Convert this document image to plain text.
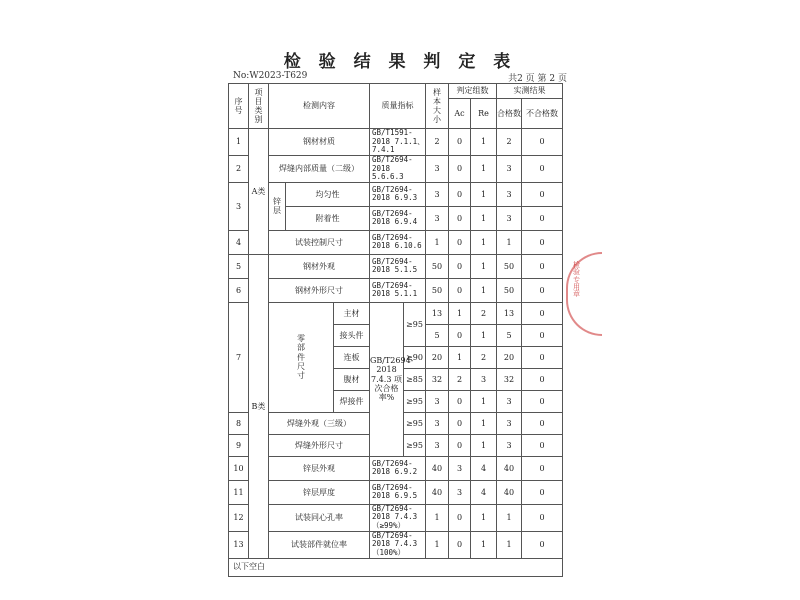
检 验 结 果 判 定 表
No:W2023-T629	共2 页 第 2 页
序号	项目类别	检测内容			质量指标		样本大小	判定组数		实测结果	
								Ac	Re	合格数	不合格数	
1	A类	钢材材质			GB/T1591-2018 7.1.1、7.4.1		2	0	1	2	0	
2		焊缝内部质量（二级）			GB/T2694-2018 5.6.6.3		3	0	1	3	0	
3		锌层	均匀性		GB/T2694-2018 6.9.3		3	0	1	3	0	
			附着性		GB/T2694-2018 6.9.4		3	0	1	3	0	
4		试装控制尺寸			GB/T2694-2018 6.10.6		1	0	1	1	0	
5	B类	钢材外观			GB/T2694-2018 5.1.5		50	0	1	50	0	
6		钢材外形尺寸			GB/T2694-2018 5.1.1		50	0	1	50	0	
7		零部件尺寸		主材	GB/T2694-2018 7.4.3 项次合格率%	≥95	13	1	2	13	0	
				接头件			5	0	1	5	0	
				连板		≥90	20	1	2	20	0	
				腹材		≥85	32	2	3	32	0	
				焊接件		≥95	3	0	1	3	0	
8		焊缝外观（三级）				≥95	3	0	1	3	0	
9		焊缝外形尺寸				≥95	3	0	1	3	0	
10		锌层外观			GB/T2694-2018 6.9.2		40	3	4	40	0	
11		锌层厚度			GB/T2694-2018 6.9.5		40	3	4	40	0	
12		试装同心孔率			GB/T2694-2018 7.4.3（≥99%）		1	0	1	1	0	
13		试装部件就位率			GB/T2694-2018 7.4.3（100%）		1	0	1	1	0	
以下空白												
检验专用章
